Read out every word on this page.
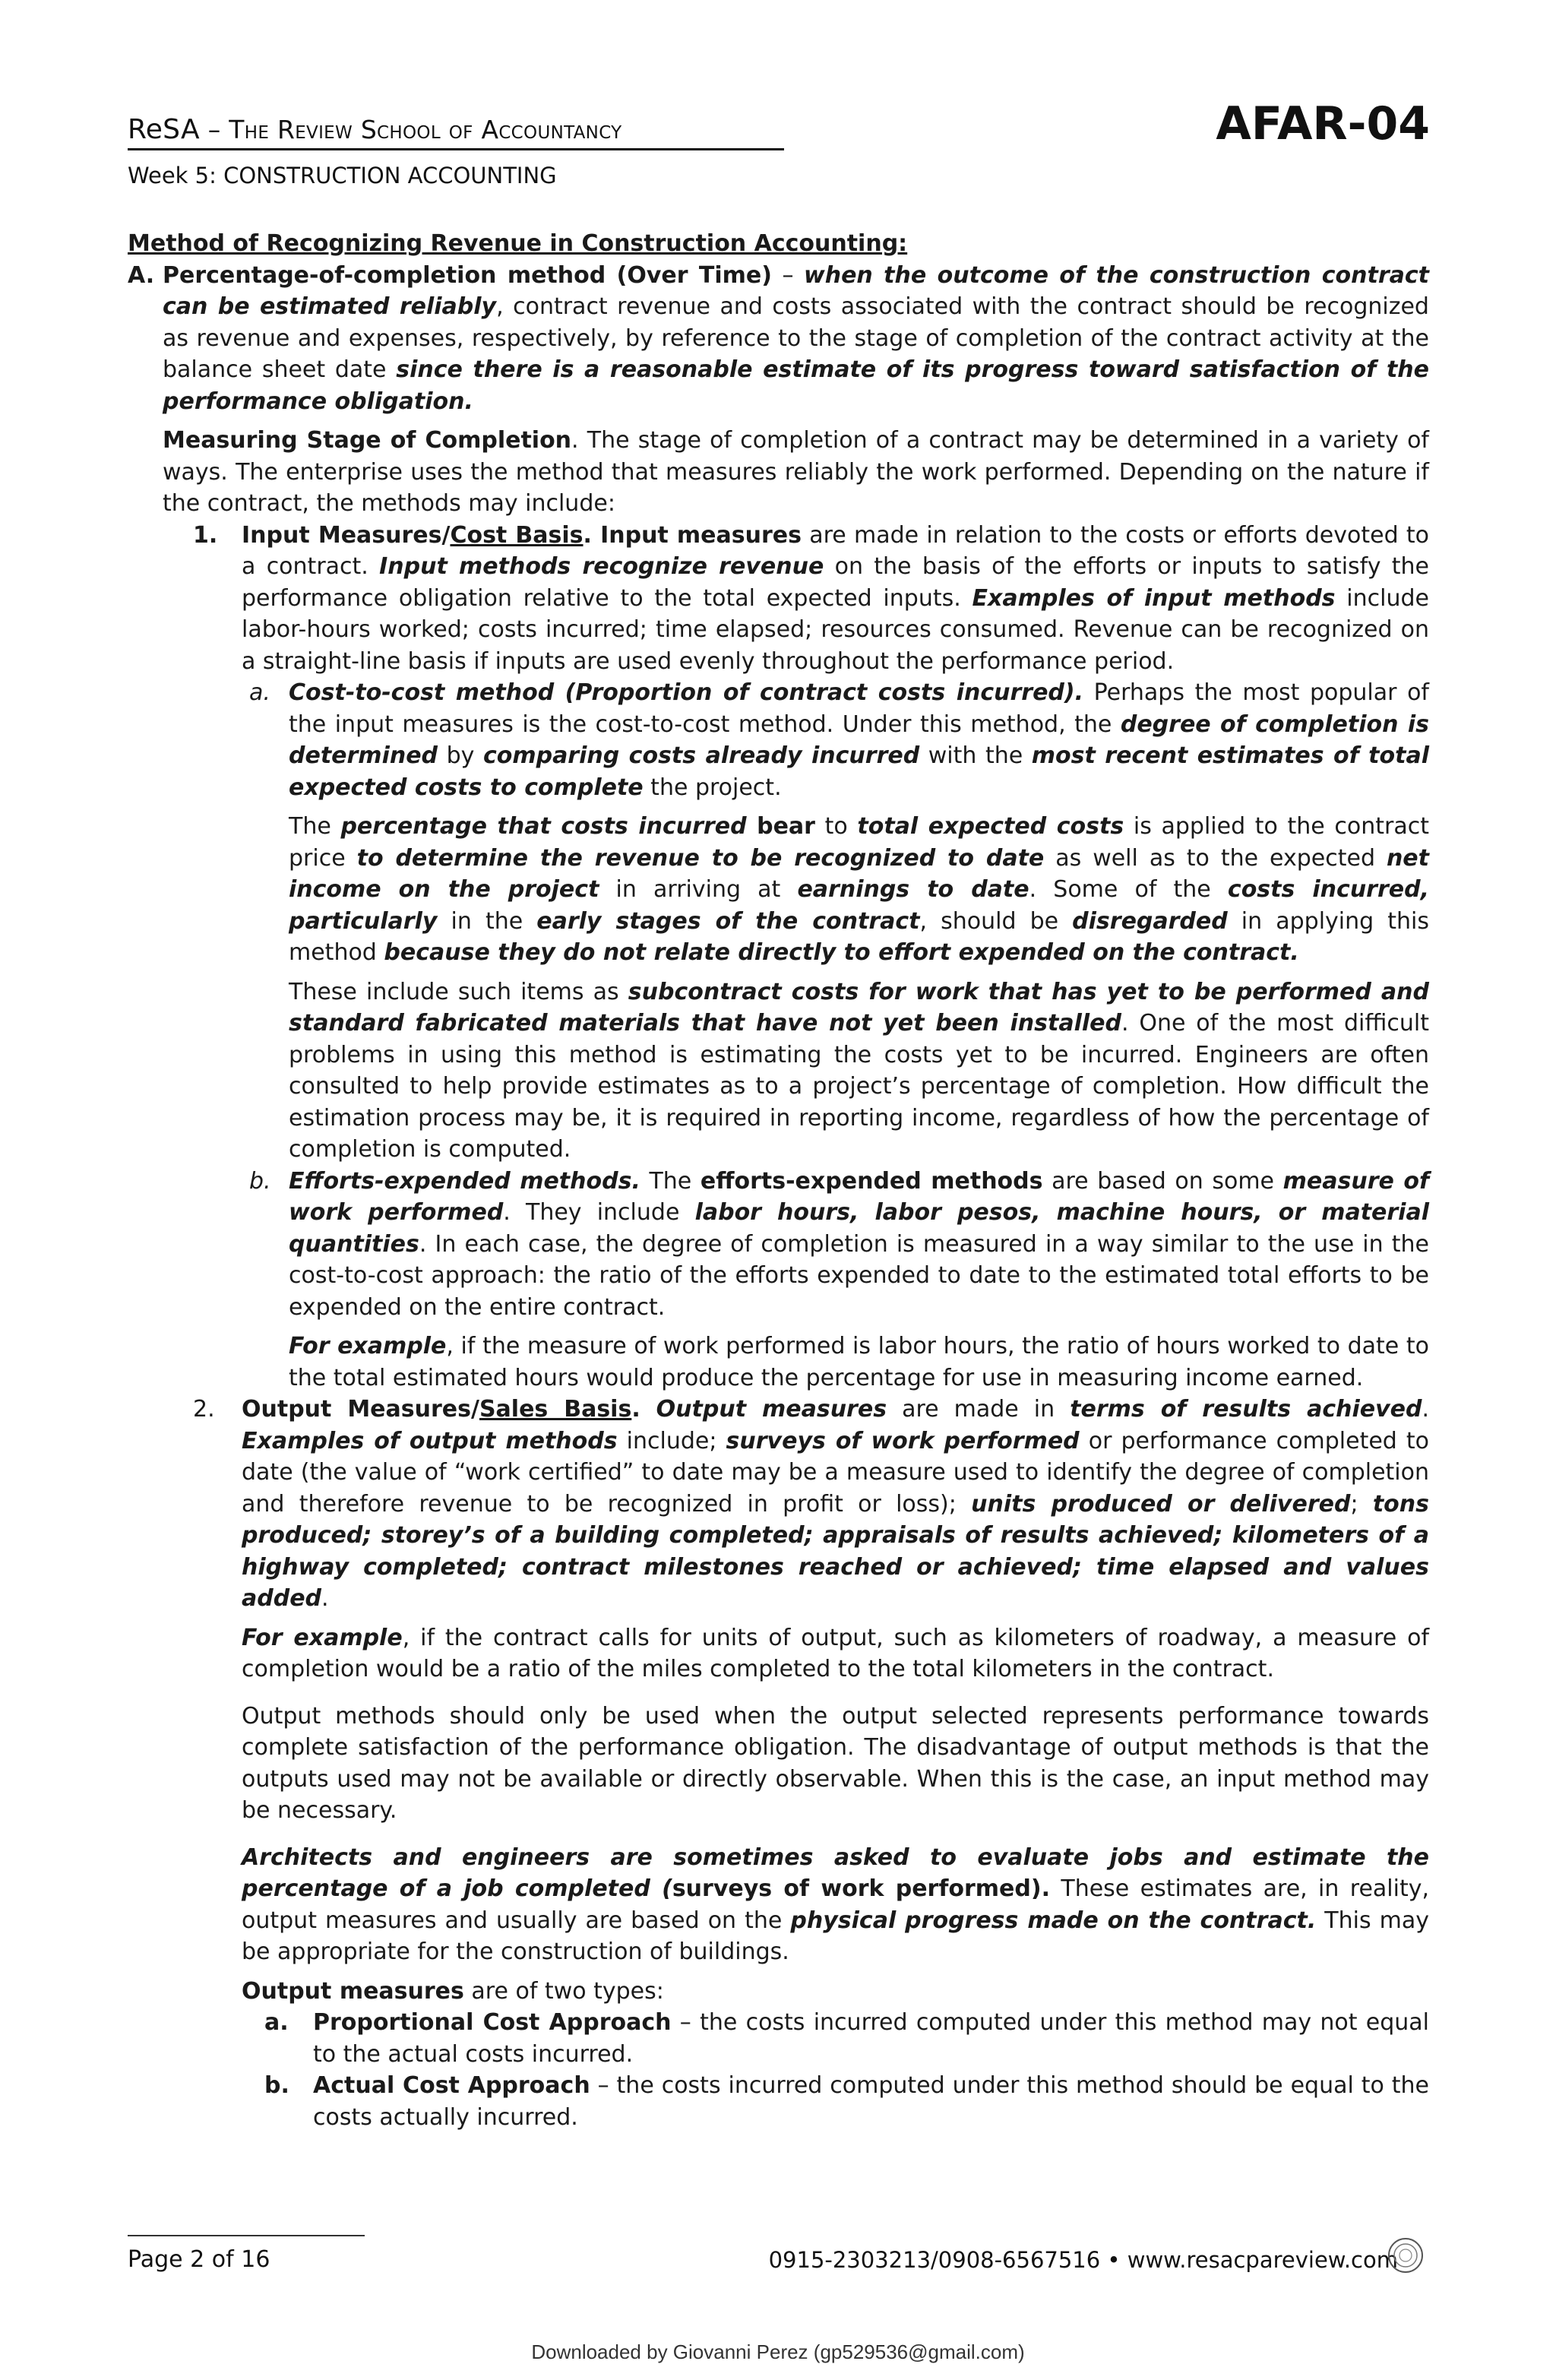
ReSA – The Review School of Accountancy	AFAR-04
Week 5: CONSTRUCTION ACCOUNTING

Method of Recognizing Revenue in Construction Accounting:

A. Percentage-of-completion method (Over Time) – when the outcome of the construction contract can be estimated reliably, contract revenue and costs associated with the contract should be recognized as revenue and expenses, respectively, by reference to the stage of completion of the contract activity at the balance sheet date since there is a reasonable estimate of its progress toward satisfaction of the performance obligation.

Measuring Stage of Completion. The stage of completion of a contract may be determined in a variety of ways. The enterprise uses the method that measures reliably the work performed. Depending on the nature if the contract, the methods may include:

1.	Input Measures/Cost Basis. Input measures are made in relation to the costs or efforts devoted to a contract. Input methods recognize revenue on the basis of the efforts or inputs to satisfy the performance obligation relative to the total expected inputs. Examples of input methods include labor-hours worked; costs incurred; time elapsed; resources consumed. Revenue can be recognized on a straight-line basis if inputs are used evenly throughout the performance period.

a. Cost-to-cost method (Proportion of contract costs incurred). Perhaps the most popular of the input measures is the cost-to-cost method. Under this method, the degree of completion is determined by comparing costs already incurred with the most recent estimates of total expected costs to complete the project.

The percentage that costs incurred bear to total expected costs is applied to the contract price to determine the revenue to be recognized to date as well as to the expected net income on the project in arriving at earnings to date. Some of the costs incurred, particularly in the early stages of the contract, should be disregarded in applying this method because they do not relate directly to effort expended on the contract.

These include such items as subcontract costs for work that has yet to be performed and standard fabricated materials that have not yet been installed. One of the most difficult problems in using this method is estimating the costs yet to be incurred. Engineers are often consulted to help provide estimates as to a project’s percentage of completion. How difficult the estimation process may be, it is required in reporting income, regardless of how the percentage of completion is computed.

b. Efforts-expended methods. The efforts-expended methods are based on some measure of work performed. They include labor hours, labor pesos, machine hours, or material quantities. In each case, the degree of completion is measured in a way similar to the use in the cost-to-cost approach: the ratio of the efforts expended to date to the estimated total efforts to be expended on the entire contract.

For example, if the measure of work performed is labor hours, the ratio of hours worked to date to the total estimated hours would produce the percentage for use in measuring income earned.

2.	Output Measures/Sales Basis. Output measures are made in terms of results achieved. Examples of output methods include; surveys of work performed or performance completed to date (the value of “work certified” to date may be a measure used to identify the degree of completion and therefore revenue to be recognized in profit or loss); units produced or delivered; tons produced; storey’s of a building completed; appraisals of results achieved; kilometers of a highway completed; contract milestones reached or achieved; time elapsed and values added.

For example, if the contract calls for units of output, such as kilometers of roadway, a measure of completion would be a ratio of the miles completed to the total kilometers in the contract.

Output methods should only be used when the output selected represents performance towards complete satisfaction of the performance obligation. The disadvantage of output methods is that the outputs used may not be available or directly observable. When this is the case, an input method may be necessary.

Architects and engineers are sometimes asked to evaluate jobs and estimate the percentage of a job completed (surveys of work performed). These estimates are, in reality, output measures and usually are based on the physical progress made on the contract. This may be appropriate for the construction of buildings.

Output measures are of two types:

a.	Proportional Cost Approach – the costs incurred computed under this method may not equal to the actual costs incurred.

b.	Actual Cost Approach – the costs incurred computed under this method should be equal to the costs actually incurred.

Page 2 of 16	0915-2303213/0908-6567516 • www.resacpareview.com
Downloaded by Giovanni Perez (gp529536@gmail.com)
